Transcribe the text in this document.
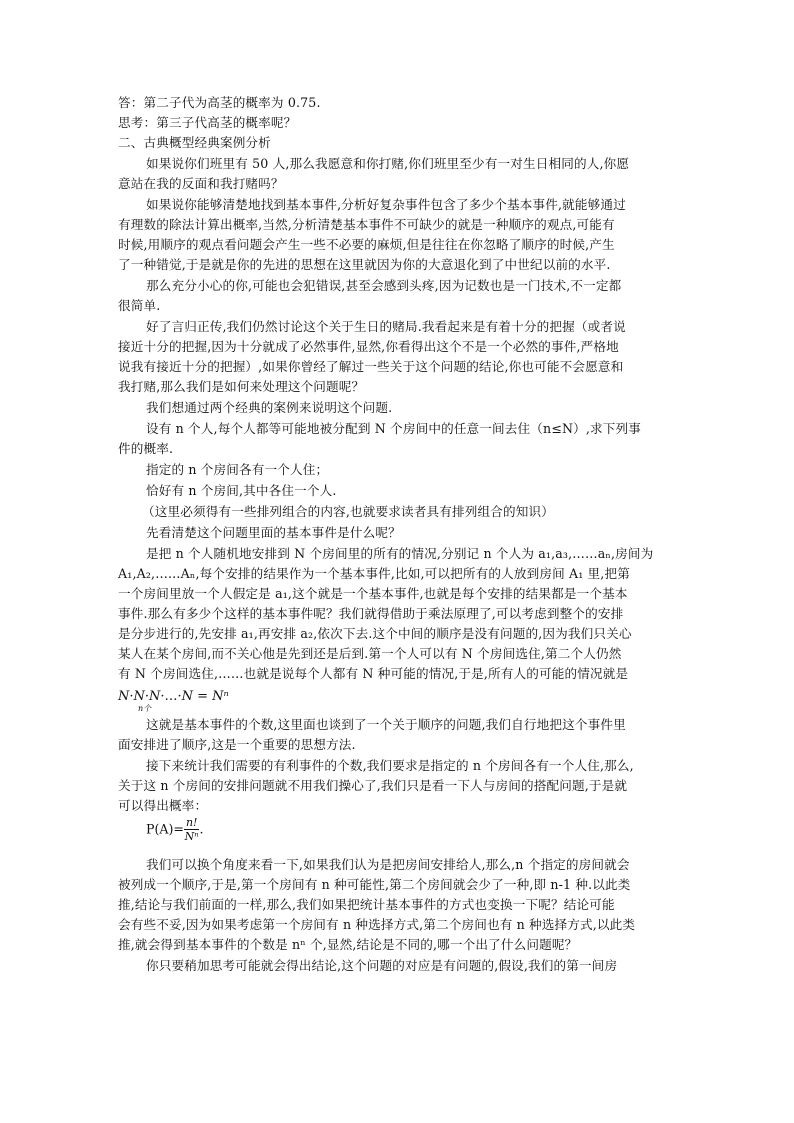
答：第二子代为高茎的概率为 0.75.
思考：第三子代高茎的概率呢？
二、古典概型经典案例分析
如果说你们班里有 50 人,那么我愿意和你打赌,你们班里至少有一对生日相同的人,你愿
意站在我的反面和我打赌吗？
如果说你能够清楚地找到基本事件,分析好复杂事件包含了多少个基本事件,就能够通过
有理数的除法计算出概率,当然,分析清楚基本事件不可缺少的就是一种顺序的观点,可能有
时候,用顺序的观点看问题会产生一些不必要的麻烦,但是往往在你忽略了顺序的时候,产生
了一种错觉,于是就是你的先进的思想在这里就因为你的大意退化到了中世纪以前的水平.
那么充分小心的你,可能也会犯错误,甚至会感到头疼,因为记数也是一门技术,不一定都
很简单.
好了言归正传,我们仍然讨论这个关于生日的赌局.我看起来是有着十分的把握（或者说
接近十分的把握,因为十分就成了必然事件,显然,你看得出这个不是一个必然的事件,严格地
说我有接近十分的把握）,如果你曾经了解过一些关于这个问题的结论,你也可能不会愿意和
我打赌,那么我们是如何来处理这个问题呢？
我们想通过两个经典的案例来说明这个问题.
设有 n 个人,每个人都等可能地被分配到 N 个房间中的任意一间去住（n≤N）,求下列事
件的概率.
指定的 n 个房间各有一个人住；
恰好有 n 个房间,其中各住一个人.
（这里必须得有一些排列组合的内容,也就要求读者具有排列组合的知识）
先看清楚这个问题里面的基本事件是什么呢？
是把 n 个人随机地安排到 N 个房间里的所有的情况,分别记 n 个人为 a₁,a₃,……aₙ,房间为
A₁,A₂,……Aₙ,每个安排的结果作为一个基本事件,比如,可以把所有的人放到房间 A₁ 里,把第
一个房间里放一个人假定是 a₁,这个就是一个基本事件,也就是每个安排的结果都是一个基本
事件.那么有多少个这样的基本事件呢？我们就得借助于乘法原理了,可以考虑到整个的安排
是分步进行的,先安排 a₁,再安排 a₂,依次下去.这个中间的顺序是没有问题的,因为我们只关心
某人在某个房间,而不关心他是先到还是后到.第一个人可以有 N 个房间选住,第二个人仍然
有 N 个房间选住,……也就是说每个人都有 N 种可能的情况,于是,所有人的可能的情况就是
这就是基本事件的个数,这里面也谈到了一个关于顺序的问题,我们自行地把这个事件里
面安排进了顺序,这是一个重要的思想方法.
接下来统计我们需要的有利事件的个数,我们要求是指定的 n 个房间各有一个人住,那么,
关于这 n 个房间的安排问题就不用我们操心了,我们只是看一下人与房间的搭配问题,于是就
可以得出概率：
我们可以换个角度来看一下,如果我们认为是把房间安排给人,那么,n 个指定的房间就会
被列成一个顺序,于是,第一个房间有 n 种可能性,第二个房间就会少了一种,即 n-1 种.以此类
推,结论与我们前面的一样,那么,我们如果把统计基本事件的方式也变换一下呢？结论可能
会有些不妥,因为如果考虑第一个房间有 n 种选择方式,第二个房间也有 n 种选择方式,以此类
推,就会得到基本事件的个数是 nⁿ 个,显然,结论是不同的,哪一个出了什么问题呢？
你只要稍加思考可能就会得出结论,这个问题的对应是有问题的,假设,我们的第一间房
N·N·N·…·N = Nⁿ
n个
$P(A)= \frac{n!}{\text{Nⁿ}}$ .
